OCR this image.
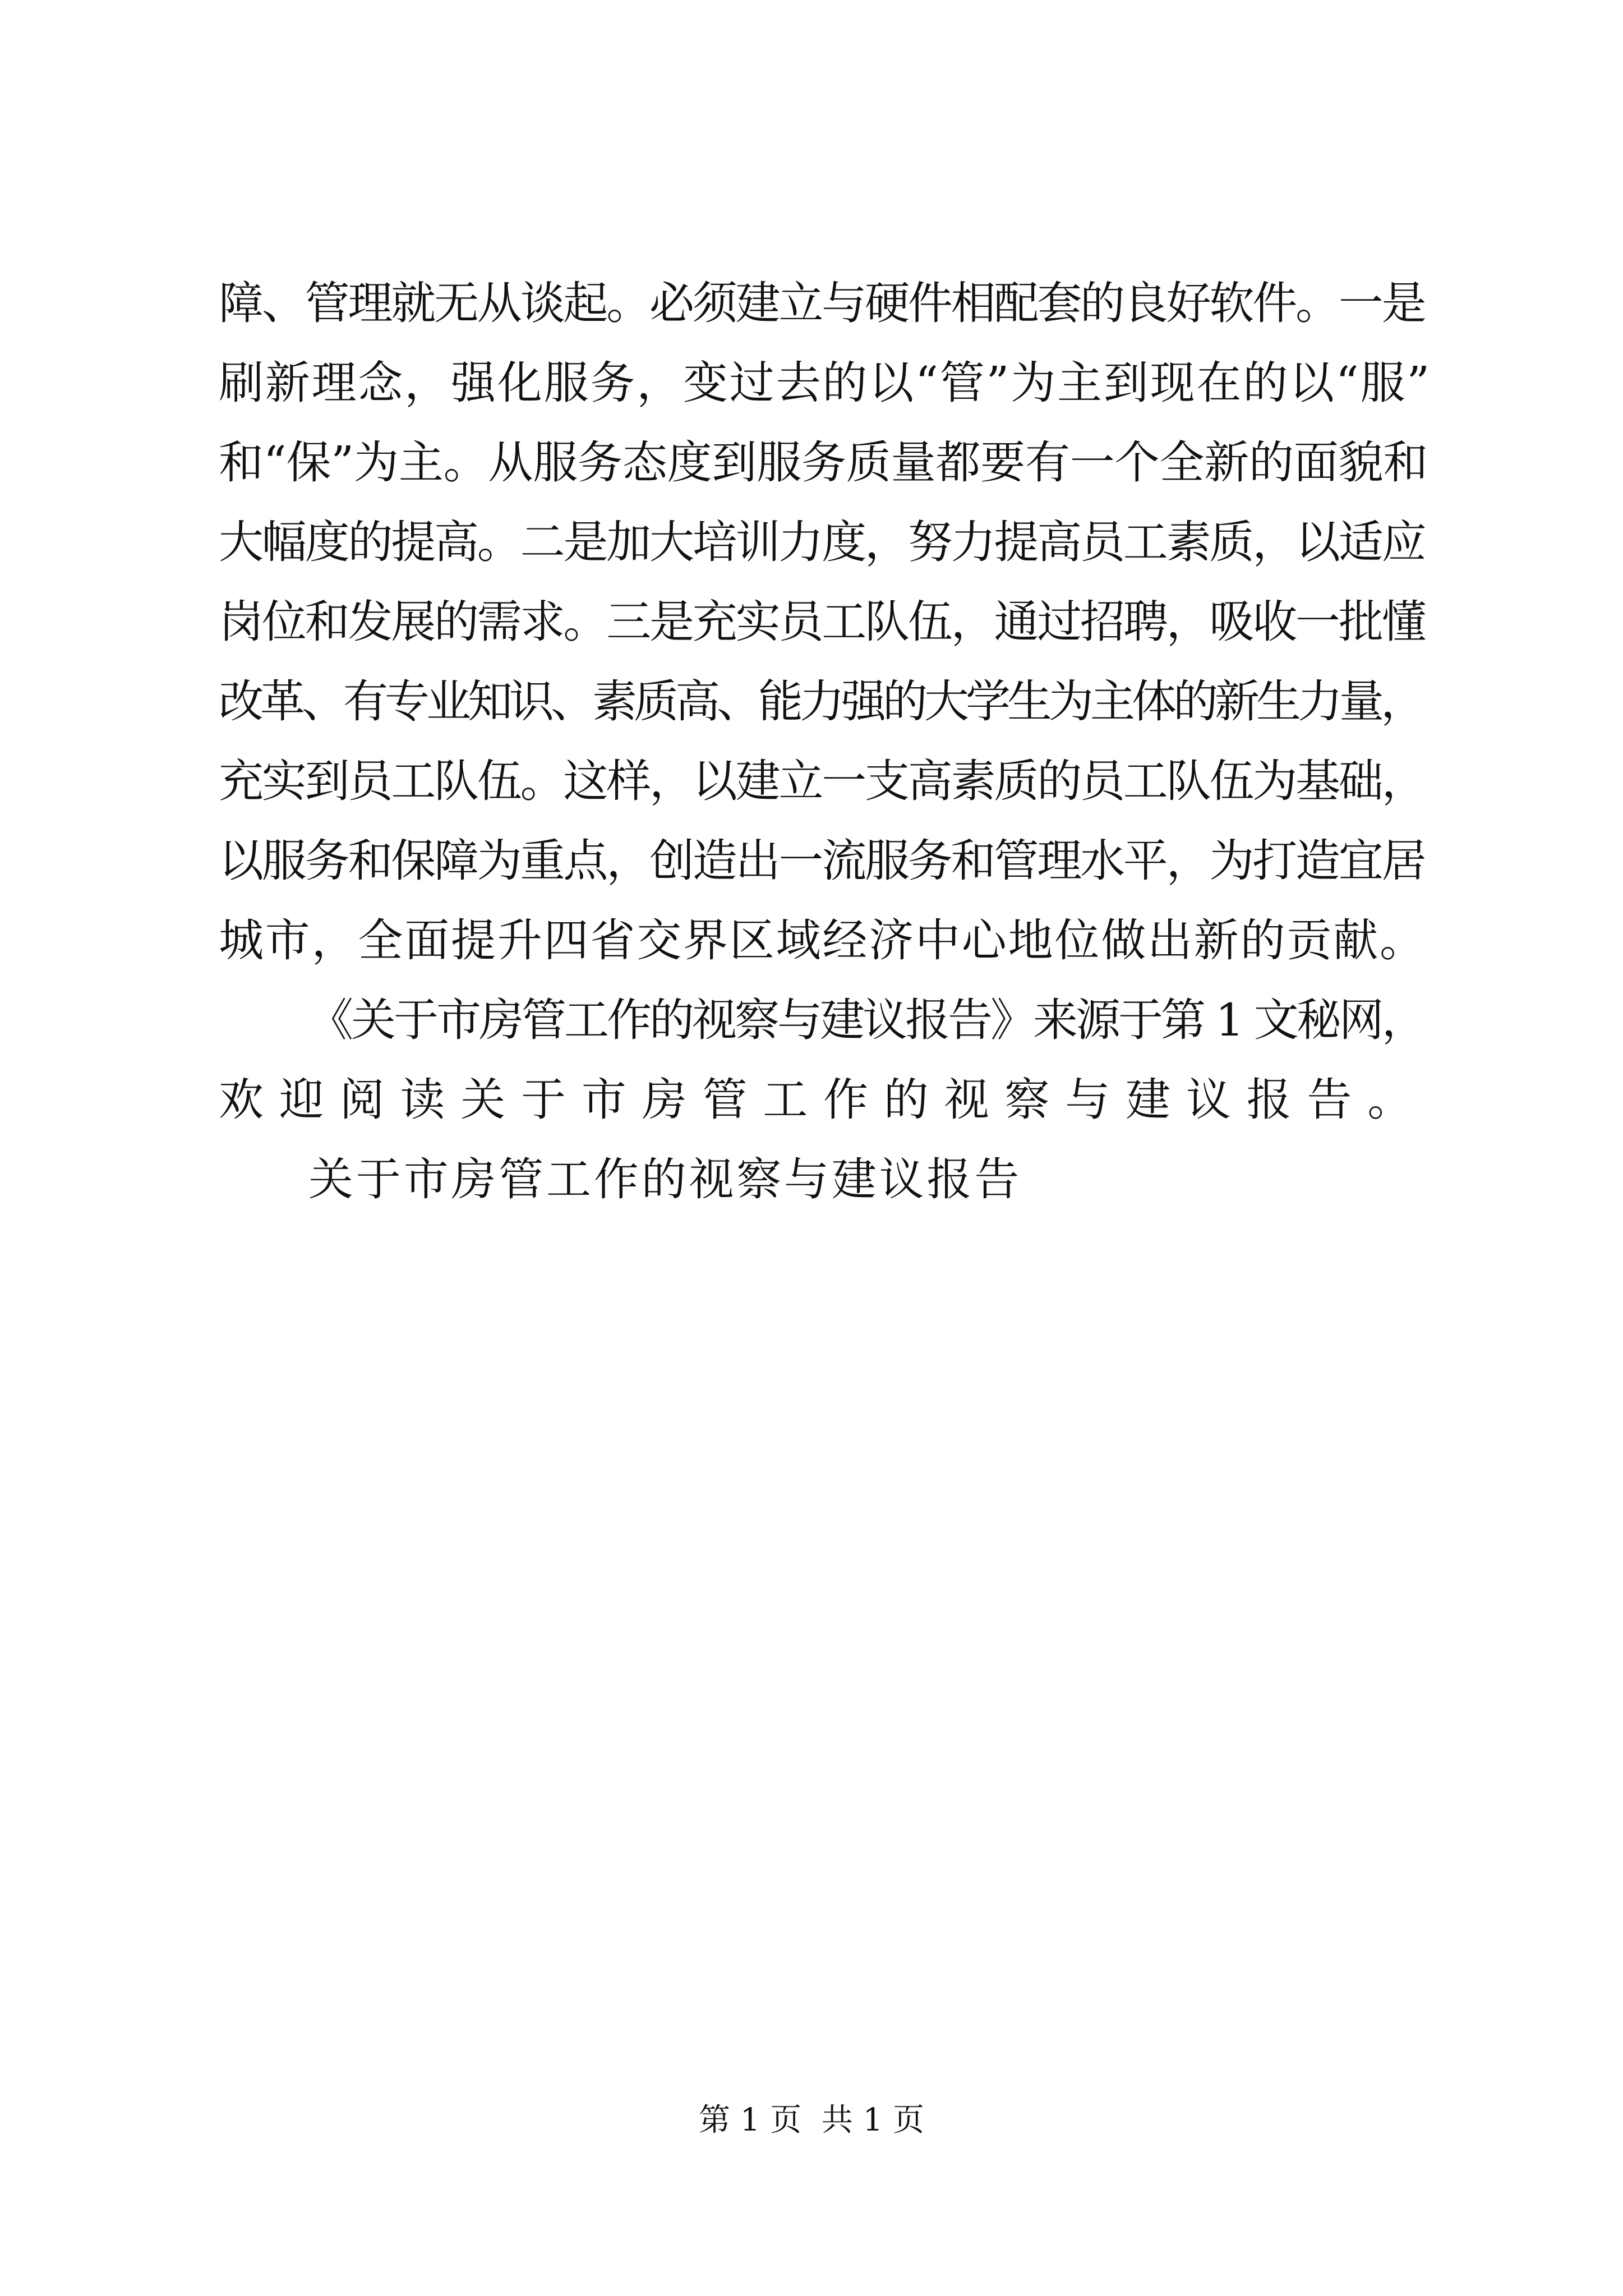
障、管理就无从谈起。必须建立与硬件相配套的良好软件。一是
刷新理念，强化服务，变过去的以“管”为主到现在的以“服”
和“保”为主。从服务态度到服务质量都要有一个全新的面貌和
大幅度的提高。二是加大培训力度，努力提高员工素质，以适应
岗位和发展的需求。三是充实员工队伍，通过招聘，吸收一批懂
改革、有专业知识、素质高、能力强的大学生为主体的新生力量，
充实到员工队伍。这样，以建立一支高素质的员工队伍为基础，
以服务和保障为重点，创造出一流服务和管理水平，为打造宜居
城市，全面提升四省交界区域经济中心地位做出新的贡献。
《关于市房管工作的视察与建议报告》来源于第 1 文秘网，
欢迎阅读关于市房管工作的视察与建议报告。
关于市房管工作的视察与建议报告
第 1 页  共 1 页
